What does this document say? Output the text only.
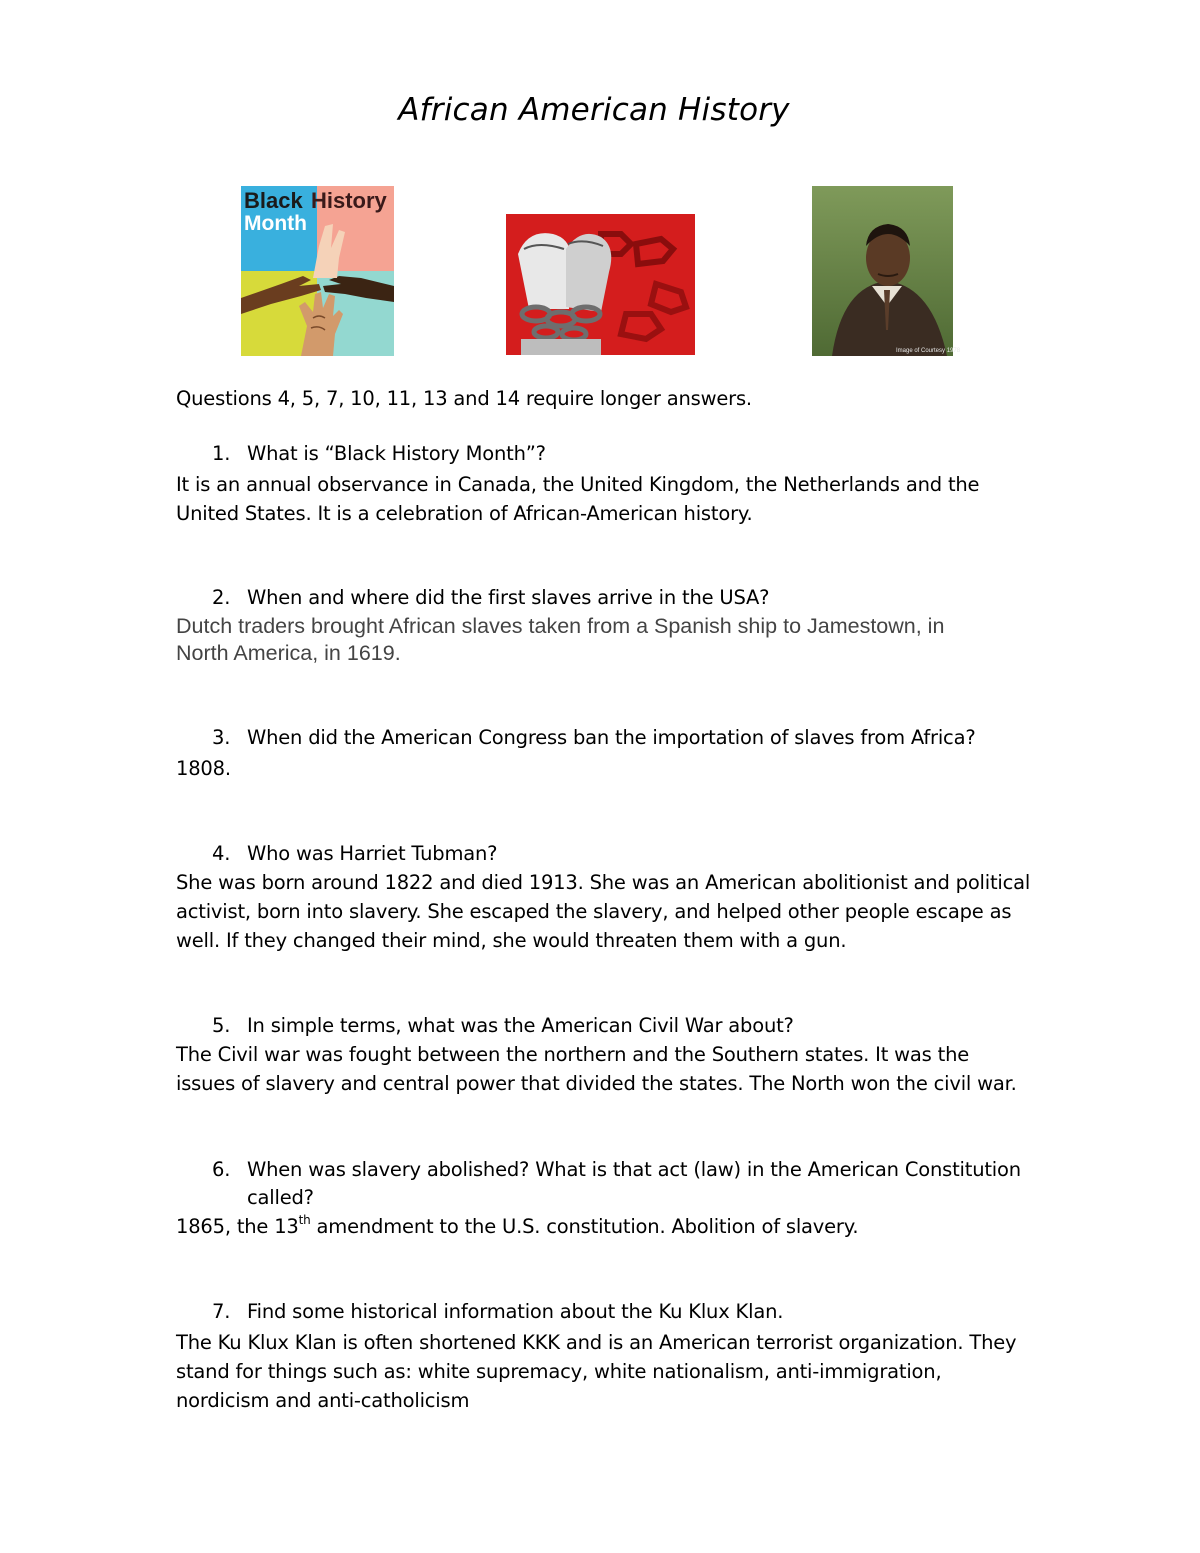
African American History
Black History
Month
Image of Courtesy 1978
Questions 4, 5, 7, 10, 11, 13 and 14 require longer answers.
1. What is “Black History Month”?
It is an annual observance in Canada, the United Kingdom, the Netherlands and the
United States. It is a celebration of African-American history.
2. When and where did the first slaves arrive in the USA?
Dutch traders brought African slaves taken from a Spanish ship to Jamestown, in
North America, in 1619.
3. When did the American Congress ban the importation of slaves from Africa?
1808.
4. Who was Harriet Tubman?
She was born around 1822 and died 1913. She was an American abolitionist and political
activist, born into slavery. She escaped the slavery, and helped other people escape as
well. If they changed their mind, she would threaten them with a gun.
5. In simple terms, what was the American Civil War about?
The Civil war was fought between the northern and the Southern states. It was the
issues of slavery and central power that divided the states. The North won the civil war.
6. When was slavery abolished? What is that act (law) in the American Constitution
called?
1865, the 13th amendment to the U.S. constitution. Abolition of slavery.
7. Find some historical information about the Ku Klux Klan.
The Ku Klux Klan is often shortened KKK and is an American terrorist organization. They
stand for things such as: white supremacy, white nationalism, anti-immigration,
nordicism and anti-catholicism
